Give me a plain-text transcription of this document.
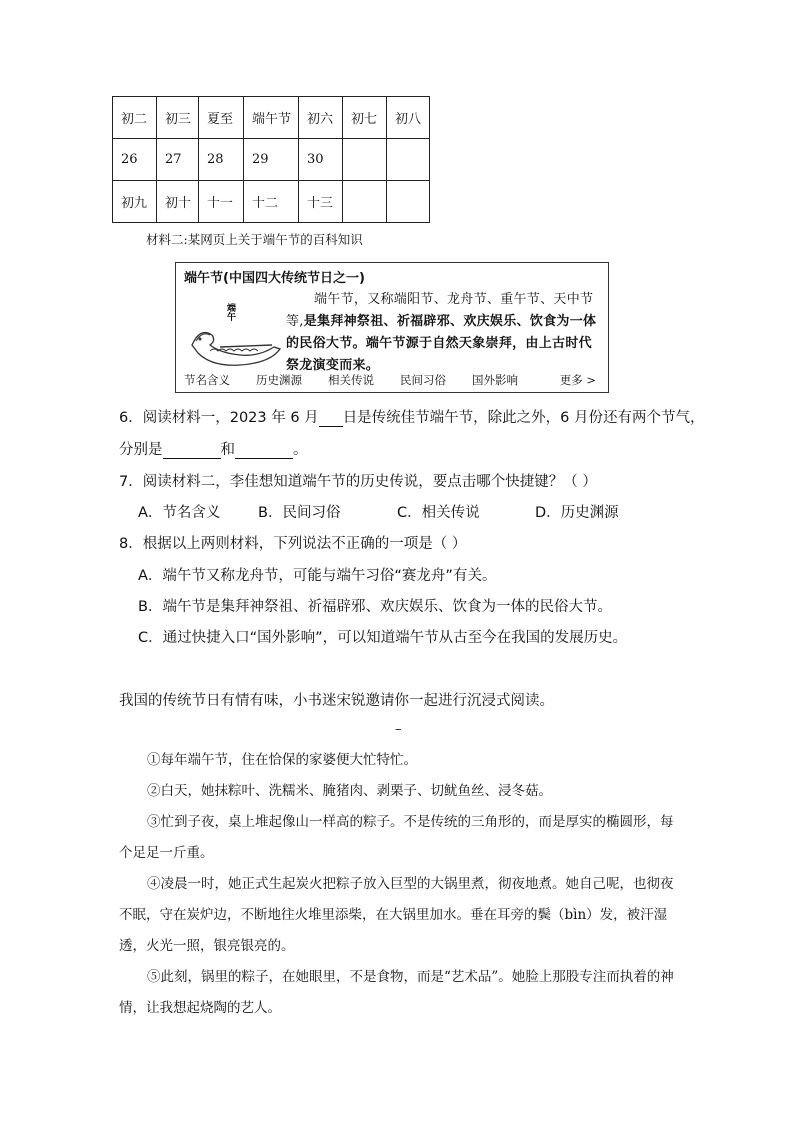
初二	初三	夏至	端午节	初六	初七	初八
26	27	28	29	30		
初九	初十	十一	十二	十三		
材料二:某网页上关于端午节的百科知识
端午节(中国四大传统节日之一)
端午
端午节，又称端阳节、龙舟节、重午节、天中节等,是集拜神祭祖、祈福辟邪、欢庆娱乐、饮食为一体的民俗大节。端午节源于自然天象崇拜，由上古时代祭龙演变而来。
节名含义 历史渊源 相关传说 民间习俗 国外影响	更多 >
6．阅读材料一，2023 年 6 月 日是传统佳节端午节，除此之外，6 月份还有两个节气，
分别是	和	。
7．阅读材料二，李佳想知道端午节的历史传说，要点击哪个快捷键？（ ）
A．节名含义	B．民间习俗	C．相关传说	D．历史渊源
8．根据以上两则材料，下列说法不正确的一项是（ ）
A．端午节又称龙舟节，可能与端午习俗“赛龙舟”有关。
B．端午节是集拜神祭祖、祈福辟邪、欢庆娱乐、饮食为一体的民俗大节。
C．通过快捷入口“国外影响”，可以知道端午节从古至今在我国的发展历史。
我国的传统节日有情有味，小书迷宋锐邀请你一起进行沉浸式阅读。
–

①每年端午节，住在恰保的家婆便大忙特忙。

②白天，她抹粽叶、洗糯米、腌猪肉、剥栗子、切鱿鱼丝、浸冬菇。

③忙到子夜，桌上堆起像山一样高的粽子。不是传统的三角形的，而是厚实的椭圆形，每个足足一斤重。

④凌晨一时，她正式生起炭火把粽子放入巨型的大锅里煮，彻夜地煮。她自己呢，也彻夜不眠，守在炭炉边，不断地往火堆里添柴，在大锅里加水。垂在耳旁的鬓（bìn）发，被汗湿透，火光一照，银亮银亮的。

⑤此刻，锅里的粽子，在她眼里，不是食物，而是“艺术品”。她脸上那股专注而执着的神情，让我想起烧陶的艺人。
